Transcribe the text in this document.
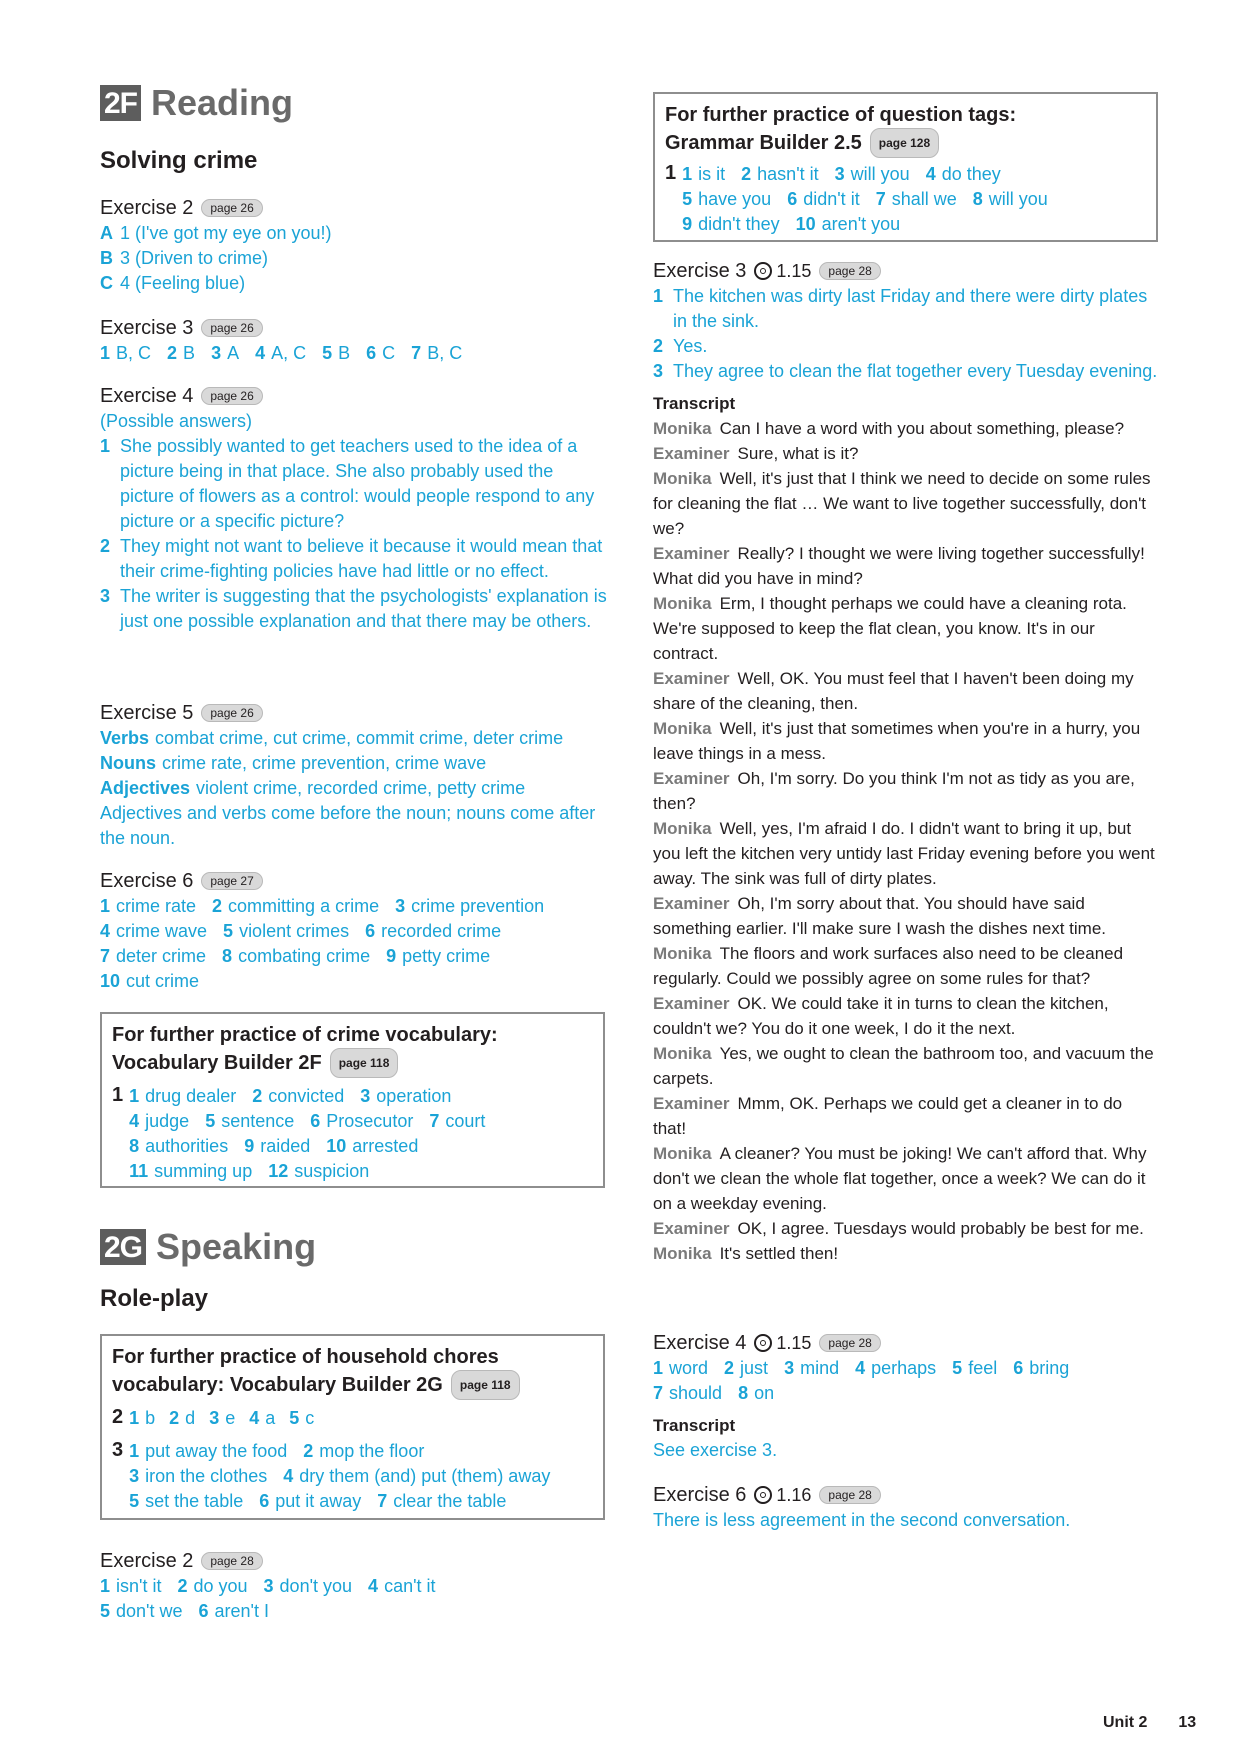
2F Reading
Solving crime
Exercise 2	page 26
A 1 (I've got my eye on you!)
B 3 (Driven to crime)
C 4 (Feeling blue)
Exercise 3	page 26
1 B, C 2 B 3 A 4 A, C 5 B 6 C 7 B, C
Exercise 4	page 26
(Possible answers)
1 She possibly wanted to get teachers used to the idea of a picture being in that place. She also probably used the picture of flowers as a control: would people respond to any picture or a specific picture?
2 They might not want to believe it because it would mean that their crime-fighting policies have had little or no effect.
3 The writer is suggesting that the psychologists' explanation is just one possible explanation and that there may be others.
Exercise 5	page 26
Verbs combat crime, cut crime, commit crime, deter crime
Nouns crime rate, crime prevention, crime wave
Adjectives violent crime, recorded crime, petty crime
Adjectives and verbs come before the noun; nouns come after the noun.
Exercise 6	page 27
1 crime rate 2 committing a crime 3 crime prevention
4 crime wave 5 violent crimes 6 recorded crime
7 deter crime 8 combating crime 9 petty crime
10 cut crime
For further practice of crime vocabulary:
Vocabulary Builder 2F	page 118
1 1 drug dealer 2 convicted 3 operation
4 judge 5 sentence 6 Prosecutor 7 court
8 authorities 9 raided 10 arrested
11 summing up 12 suspicion
2G Speaking
Role-play
For further practice of household chores
vocabulary: Vocabulary Builder 2G	page 118
2 1 b 2 d 3 e 4 a 5 c
3 1 put away the food 2 mop the floor
3 iron the clothes 4 dry them (and) put (them) away
5 set the table 6 put it away 7 clear the table
Exercise 2	page 28
1 isn't it 2 do you 3 don't you 4 can't it
5 don't we 6 aren't I
For further practice of question tags:
Grammar Builder 2.5	page 128
1 1 is it 2 hasn't it 3 will you 4 do they
5 have you 6 didn't it 7 shall we 8 will you
9 didn't they 10 aren't you
Exercise 3 1.15	page 28
1 The kitchen was dirty last Friday and there were dirty plates in the sink.
2 Yes.
3 They agree to clean the flat together every Tuesday evening.
Transcript
Monika Can I have a word with you about something, please?
Examiner Sure, what is it?
Monika Well, it's just that I think we need to decide on some rules for cleaning the flat … We want to live together successfully, don't we?
Examiner Really? I thought we were living together successfully! What did you have in mind?
Monika Erm, I thought perhaps we could have a cleaning rota. We're supposed to keep the flat clean, you know. It's in our contract.
Examiner Well, OK. You must feel that I haven't been doing my share of the cleaning, then.
Monika Well, it's just that sometimes when you're in a hurry, you leave things in a mess.
Examiner Oh, I'm sorry. Do you think I'm not as tidy as you are, then?
Monika Well, yes, I'm afraid I do. I didn't want to bring it up, but you left the kitchen very untidy last Friday evening before you went away. The sink was full of dirty plates.
Examiner Oh, I'm sorry about that. You should have said something earlier. I'll make sure I wash the dishes next time.
Monika The floors and work surfaces also need to be cleaned regularly. Could we possibly agree on some rules for that?
Examiner OK. We could take it in turns to clean the kitchen, couldn't we? You do it one week, I do it the next.
Monika Yes, we ought to clean the bathroom too, and vacuum the carpets.
Examiner Mmm, OK. Perhaps we could get a cleaner in to do that!
Monika A cleaner? You must be joking! We can't afford that. Why don't we clean the whole flat together, once a week? We can do it on a weekday evening.
Examiner OK, I agree. Tuesdays would probably be best for me.
Monika It's settled then!
Exercise 4 1.15	page 28
1 word 2 just 3 mind 4 perhaps 5 feel 6 bring
7 should 8 on
Transcript
See exercise 3.
Exercise 6 1.16	page 28
There is less agreement in the second conversation.
Unit 2 13
